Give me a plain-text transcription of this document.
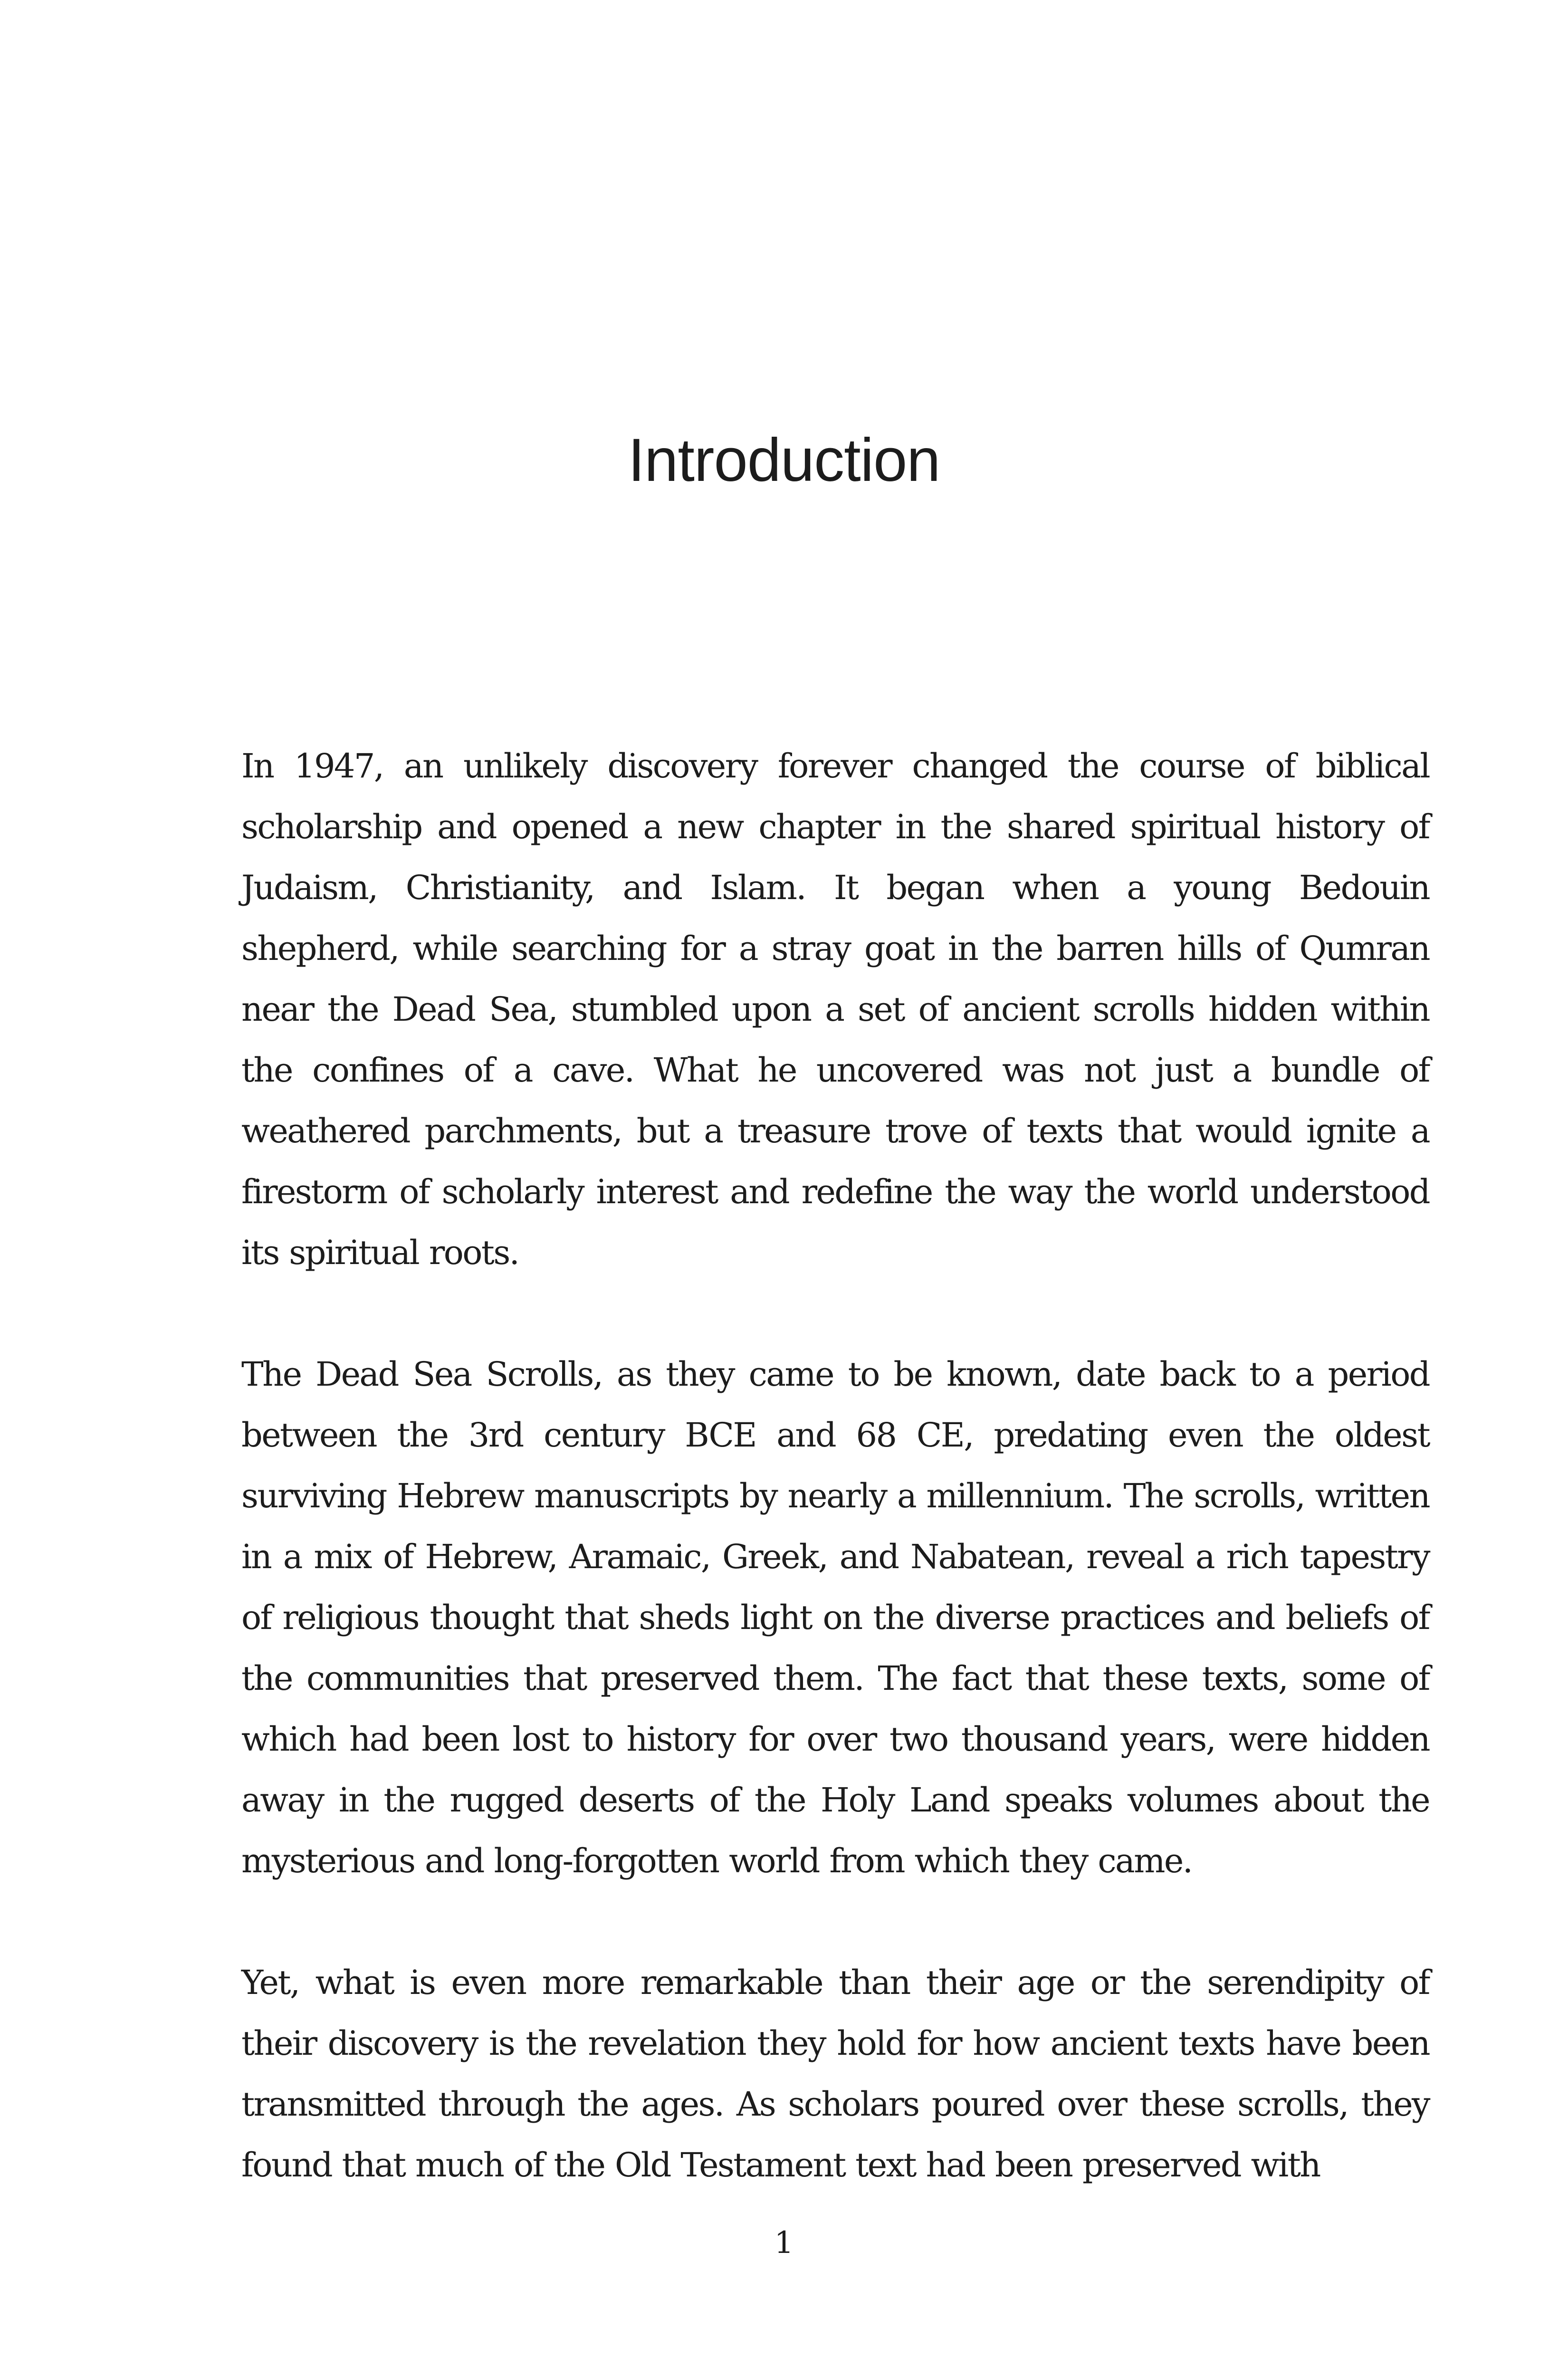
Introduction

In 1947, an unlikely discovery forever changed the course of biblical scholarship and opened a new chapter in the shared spiritual history of Judaism, Christianity, and Islam. It began when a young Bedouin shepherd, while searching for a stray goat in the barren hills of Qumran near the Dead Sea, stumbled upon a set of ancient scrolls hidden within the confines of a cave. What he uncovered was not just a bundle of weathered parchments, but a treasure trove of texts that would ignite a firestorm of scholarly interest and redefine the way the world understood its spiritual roots.

The Dead Sea Scrolls, as they came to be known, date back to a period between the 3rd century BCE and 68 CE, predating even the oldest surviving Hebrew manuscripts by nearly a millennium. The scrolls, written in a mix of Hebrew, Aramaic, Greek, and Nabatean, reveal a rich tapestry of religious thought that sheds light on the diverse practices and beliefs of the communities that preserved them. The fact that these texts, some of which had been lost to history for over two thousand years, were hidden away in the rugged deserts of the Holy Land speaks volumes about the mysterious and long-forgotten world from which they came.

Yet, what is even more remarkable than their age or the serendipity of their discovery is the revelation they hold for how ancient texts have been transmitted through the ages. As scholars poured over these scrolls, they found that much of the Old Testament text had been preserved with

1
